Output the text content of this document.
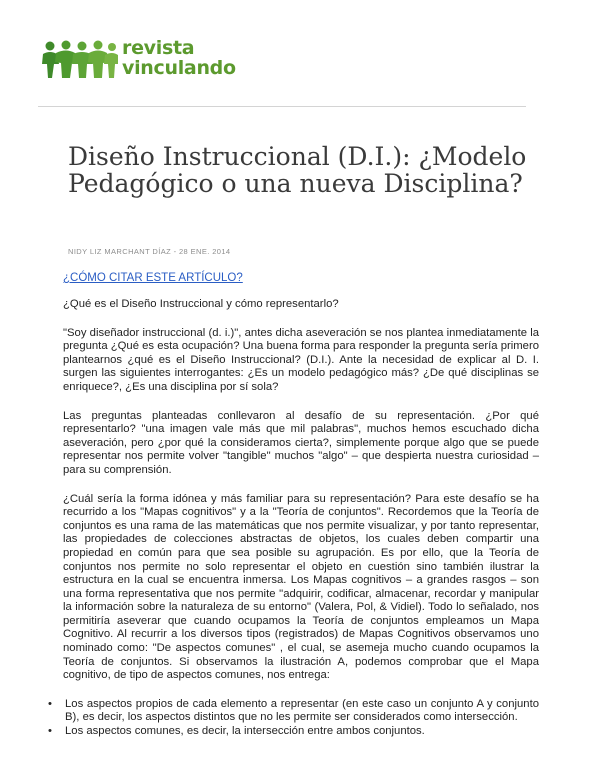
revista
vinculando
Diseño Instruccional (D.I.): ¿Modelo Pedagógico o una nueva Disciplina?
NIDY LIZ MARCHANT DÍAZ - 28 ENE. 2014
¿CÓMO CITAR ESTE ARTÍCULO?

¿Qué es el Diseño Instruccional y cómo representarlo?

"Soy diseñador instruccional (d. i.)", antes dicha aseveración se nos plantea inmediatamente la pregunta ¿Qué es esta ocupación? Una buena forma para responder la pregunta sería primero plantearnos ¿qué es el Diseño Instruccional? (D.I.). Ante la necesidad de explicar al D. I. surgen las siguientes interrogantes: ¿Es un modelo pedagógico más? ¿De qué disciplinas se enriquece?, ¿Es una disciplina por sí sola?

Las preguntas planteadas conllevaron al desafío de su representación. ¿Por qué representarlo? "una imagen vale más que mil palabras", muchos hemos escuchado dicha aseveración, pero ¿por qué la consideramos cierta?, simplemente porque algo que se puede representar nos permite volver "tangible" muchos "algo" – que despierta nuestra curiosidad – para su comprensión.

¿Cuál sería la forma idónea y más familiar para su representación? Para este desafío se ha recurrido a los "Mapas cognitivos" y a la "Teoría de conjuntos". Recordemos que la Teoría de conjuntos es una rama de las matemáticas que nos permite visualizar, y por tanto representar, las propiedades de colecciones abstractas de objetos, los cuales deben compartir una propiedad en común para que sea posible su agrupación. Es por ello, que la Teoría de conjuntos nos permite no solo representar el objeto en cuestión sino también ilustrar la estructura en la cual se encuentra inmersa. Los Mapas cognitivos – a grandes rasgos – son una forma representativa que nos permite "adquirir, codificar, almacenar, recordar y manipular la información sobre la naturaleza de su entorno" (Valera, Pol, & Vidiel). Todo lo señalado, nos permitiría aseverar que cuando ocupamos la Teoría de conjuntos empleamos un Mapa Cognitivo. Al recurrir a los diversos tipos (registrados) de Mapas Cognitivos observamos uno nominado como: "De aspectos comunes" , el cual, se asemeja mucho cuando ocupamos la Teoría de conjuntos. Si observamos la ilustración A, podemos comprobar que el Mapa cognitivo, de tipo de aspectos comunes, nos entrega:

• Los aspectos propios de cada elemento a representar (en este caso un conjunto A y conjunto B), es decir, los aspectos distintos que no les permite ser considerados como intersección.
• Los aspectos comunes, es decir, la intersección entre ambos conjuntos.
